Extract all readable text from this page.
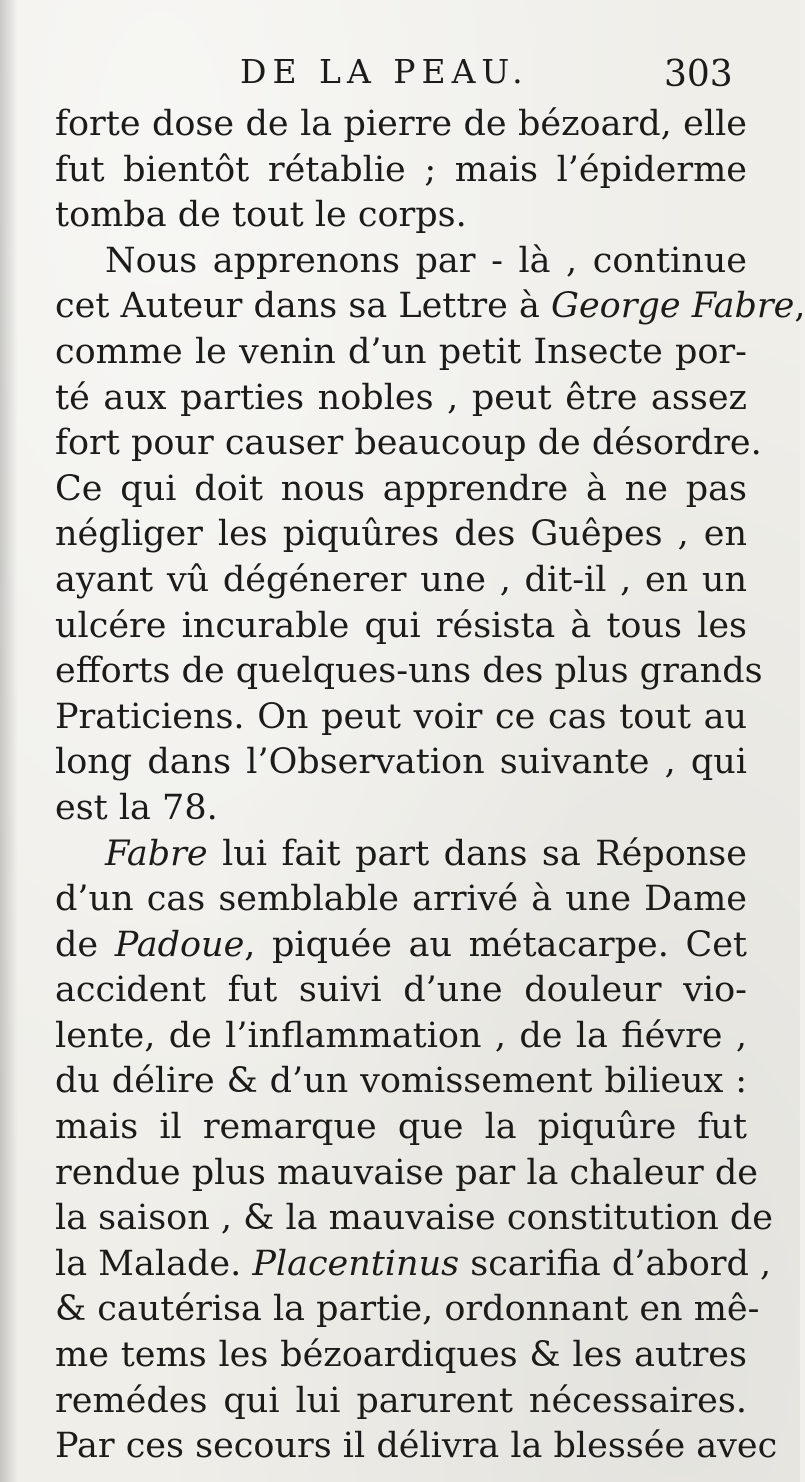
DE LA PEAU.	303
forte dose de la pierre de bézoard, elle
fut bientôt rétablie ; mais l’épiderme
tomba de tout le corps.
Nous apprenons par - là , continue
cet Auteur dans sa Lettre à George Fabre,
comme le venin d’un petit Insecte por-
té aux parties nobles , peut être assez
fort pour causer beaucoup de désordre.
Ce qui doit nous apprendre à ne pas
négliger les piquûres des Guêpes , en
ayant vû dégénerer une , dit-il , en un
ulcére incurable qui résista à tous les
efforts de quelques-uns des plus grands
Praticiens. On peut voir ce cas tout au
long dans l’Observation suivante , qui
est la 78.
Fabre lui fait part dans sa Réponse
d’un cas semblable arrivé à une Dame
de Padoue, piquée au métacarpe. Cet
accident fut suivi d’une douleur vio-
lente, de l’inflammation , de la fiévre ,
du délire & d’un vomissement bilieux :
mais il remarque que la piquûre fut
rendue plus mauvaise par la chaleur de
la saison , & la mauvaise constitution de
la Malade. Placentinus scarifia d’abord ,
& cautérisa la partie, ordonnant en mê-
me tems les bézoardiques & les autres
remédes qui lui parurent nécessaires.
Par ces secours il délivra la blessée avec
